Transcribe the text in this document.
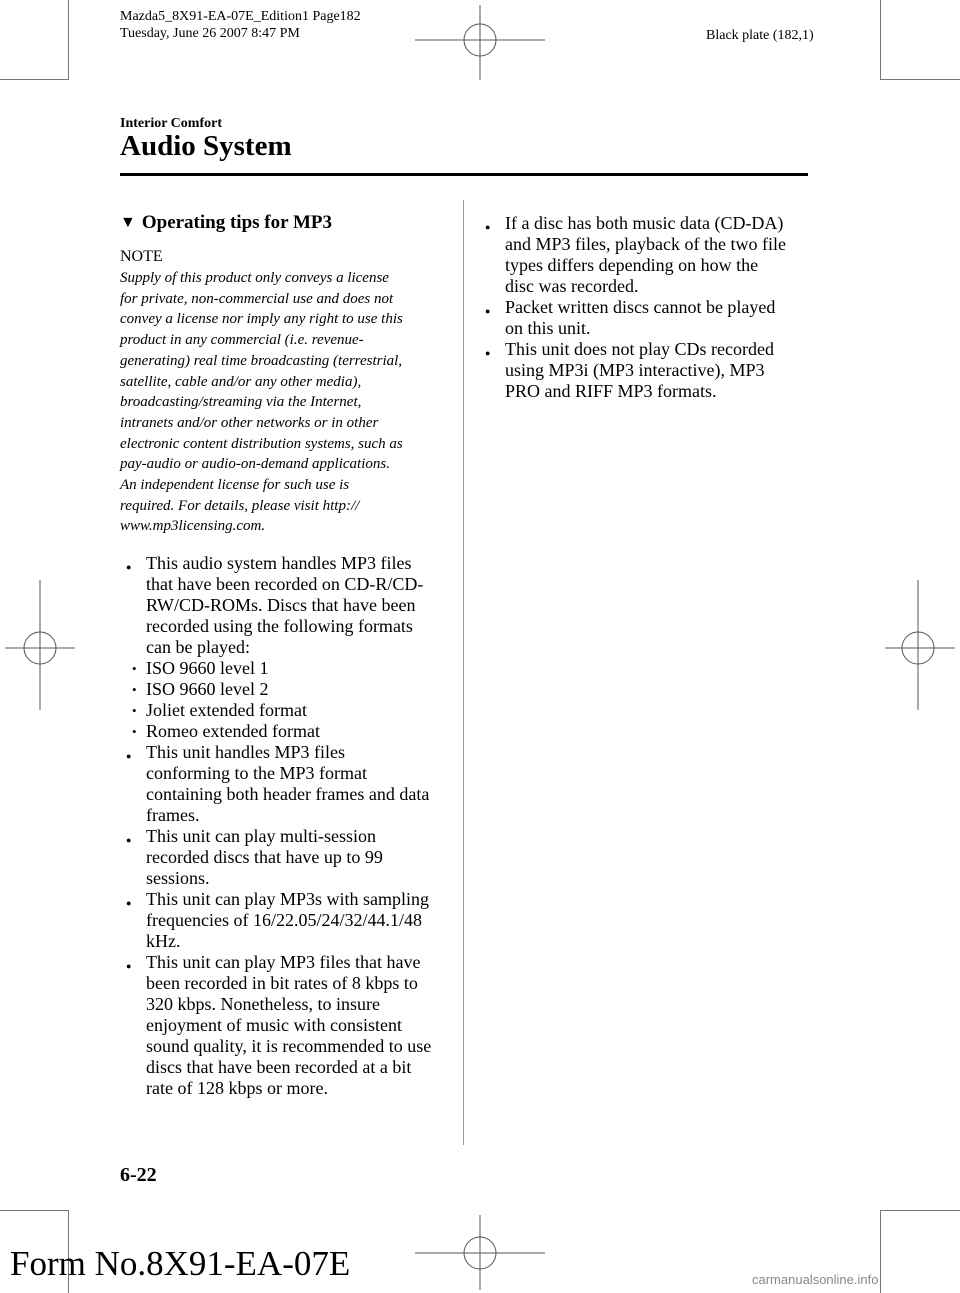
Mazda5_8X91-EA-07E_Edition1 Page182
Tuesday, June 26 2007 8:47 PM	Black plate (182,1)
Interior Comfort
Audio System
▼ Operating tips for MP3
NOTE
Supply of this product only conveys a license
for private, non-commercial use and does not
convey a license nor imply any right to use this
product in any commercial (i.e. revenue-
generating) real time broadcasting (terrestrial,
satellite, cable and/or any other media),
broadcasting/streaming via the Internet,
intranets and/or other networks or in other
electronic content distribution systems, such as
pay-audio or audio-on-demand applications.
An independent license for such use is
required. For details, please visit http://
www.mp3licensing.com.
● This audio system handles MP3 files
that have been recorded on CD-R/CD-
RW/CD-ROMs. Discs that have been
recorded using the following formats
can be played:
• ISO 9660 level 1
• ISO 9660 level 2
• Joliet extended format
• Romeo extended format
● This unit handles MP3 files
conforming to the MP3 format
containing both header frames and data
frames.
● This unit can play multi-session
recorded discs that have up to 99
sessions.
● This unit can play MP3s with sampling
frequencies of 16/22.05/24/32/44.1/48
kHz.
● This unit can play MP3 files that have
been recorded in bit rates of 8 kbps to
320 kbps. Nonetheless, to insure
enjoyment of music with consistent
sound quality, it is recommended to use
discs that have been recorded at a bit
rate of 128 kbps or more.
● If a disc has both music data (CD-DA)
and MP3 files, playback of the two file
types differs depending on how the
disc was recorded.
● Packet written discs cannot be played
on this unit.
● This unit does not play CDs recorded
using MP3i (MP3 interactive), MP3
PRO and RIFF MP3 formats.
6-22
Form No.8X91-EA-07E	carmanualsonline.info
